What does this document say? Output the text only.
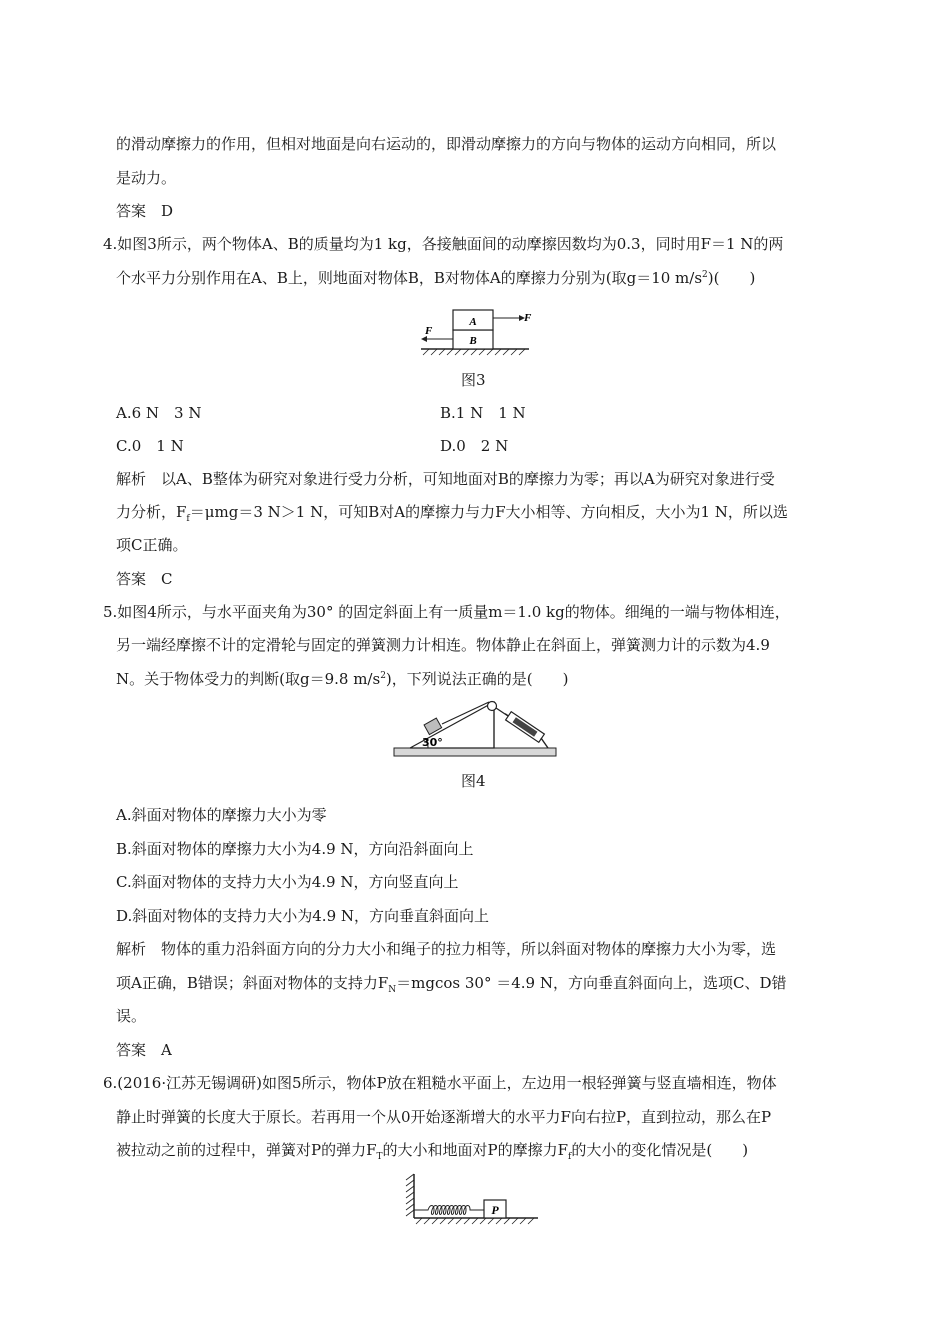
的滑动摩擦力的作用，但相对地面是向右运动的，即滑动摩擦力的方向与物体的运动方向相同，所以
是动力。
答案　D
4.如图3所示，两个物体A、B的质量均为1 kg，各接触面间的动摩擦因数均为0.3，同时用F＝1 N的两
个水平力分别作用在A、B上，则地面对物体B，B对物体A的摩擦力分别为(取g＝10 $m/s^2$)(　　)
A
B
F
F
图3
A.6 N　3 N	B.1 N　1 N
C.0　1 N	D.0　2 N
解析　以A、B整体为研究对象进行受力分析，可知地面对B的摩擦力为零；再以A为研究对象进行受
力分析，$F_f=\mu mg=3$ N＞1 N，可知B对A的摩擦力与力F大小相等、方向相反，大小为1 N，所以选
项C正确。
答案　C
5.如图4所示，与水平面夹角为30° 的固定斜面上有一质量m＝1.0 kg的物体。细绳的一端与物体相连，
另一端经摩擦不计的定滑轮与固定的弹簧测力计相连。物体静止在斜面上，弹簧测力计的示数为4.9
N。关于物体受力的判断(取g＝9.8 $m/s^2$)，下列说法正确的是(　　)
30°
图4
A.斜面对物体的摩擦力大小为零
B.斜面对物体的摩擦力大小为4.9 N，方向沿斜面向上
C.斜面对物体的支持力大小为4.9 N，方向竖直向上
D.斜面对物体的支持力大小为4.9 N，方向垂直斜面向上
解析　物体的重力沿斜面方向的分力大小和绳子的拉力相等，所以斜面对物体的摩擦力大小为零，选
项A正确，B错误；斜面对物体的支持力$F_N=mgcos$ 30° ＝4.9 N，方向垂直斜面向上，选项C、D错
误。
答案　A
6.(2016·江苏无锡调研)如图5所示，物体P放在粗糙水平面上，左边用一根轻弹簧与竖直墙相连，物体
静止时弹簧的长度大于原长。若再用一个从0开始逐渐增大的水平力F向右拉P，直到拉动，那么在P
被拉动之前的过程中，弹簧对P的弹力$F_T$的大小和地面对P的摩擦力$F_f$的大小的变化情况是(　　)
P
